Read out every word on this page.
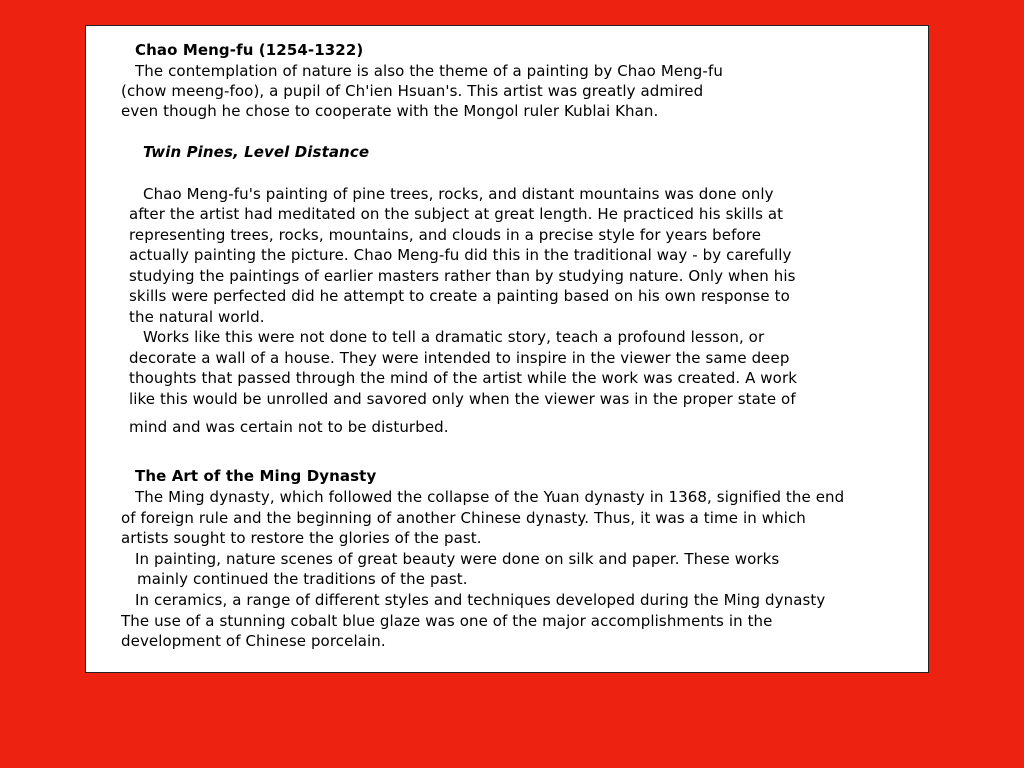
Chao Meng-fu (1254-1322)
The contemplation of nature is also the theme of a painting by Chao Meng-fu
(chow meeng-foo), a pupil of Ch'ien Hsuan's. This artist was greatly admired
even though he chose to cooperate with the Mongol ruler Kublai Khan.
Twin Pines, Level Distance
Chao Meng-fu's painting of pine trees, rocks, and distant mountains was done only
after the artist had meditated on the subject at great length. He practiced his skills at
representing trees, rocks, mountains, and clouds in a precise style for years before
actually painting the picture. Chao Meng-fu did this in the traditional way - by carefully
studying the paintings of earlier masters rather than by studying nature. Only when his
skills were perfected did he attempt to create a painting based on his own response to
the natural world.
Works like this were not done to tell a dramatic story, teach a profound lesson, or
decorate a wall of a house. They were intended to inspire in the viewer the same deep
thoughts that passed through the mind of the artist while the work was created. A work
like this would be unrolled and savored only when the viewer was in the proper state of
mind and was certain not to be disturbed.
The Art of the Ming Dynasty
The Ming dynasty, which followed the collapse of the Yuan dynasty in 1368, signified the end
of foreign rule and the beginning of another Chinese dynasty. Thus, it was a time in which
artists sought to restore the glories of the past.
In painting, nature scenes of great beauty were done on silk and paper. These works
mainly continued the traditions of the past.
In ceramics, a range of different styles and techniques developed during the Ming dynasty
The use of a stunning cobalt blue glaze was one of the major accomplishments in the
development of Chinese porcelain.
